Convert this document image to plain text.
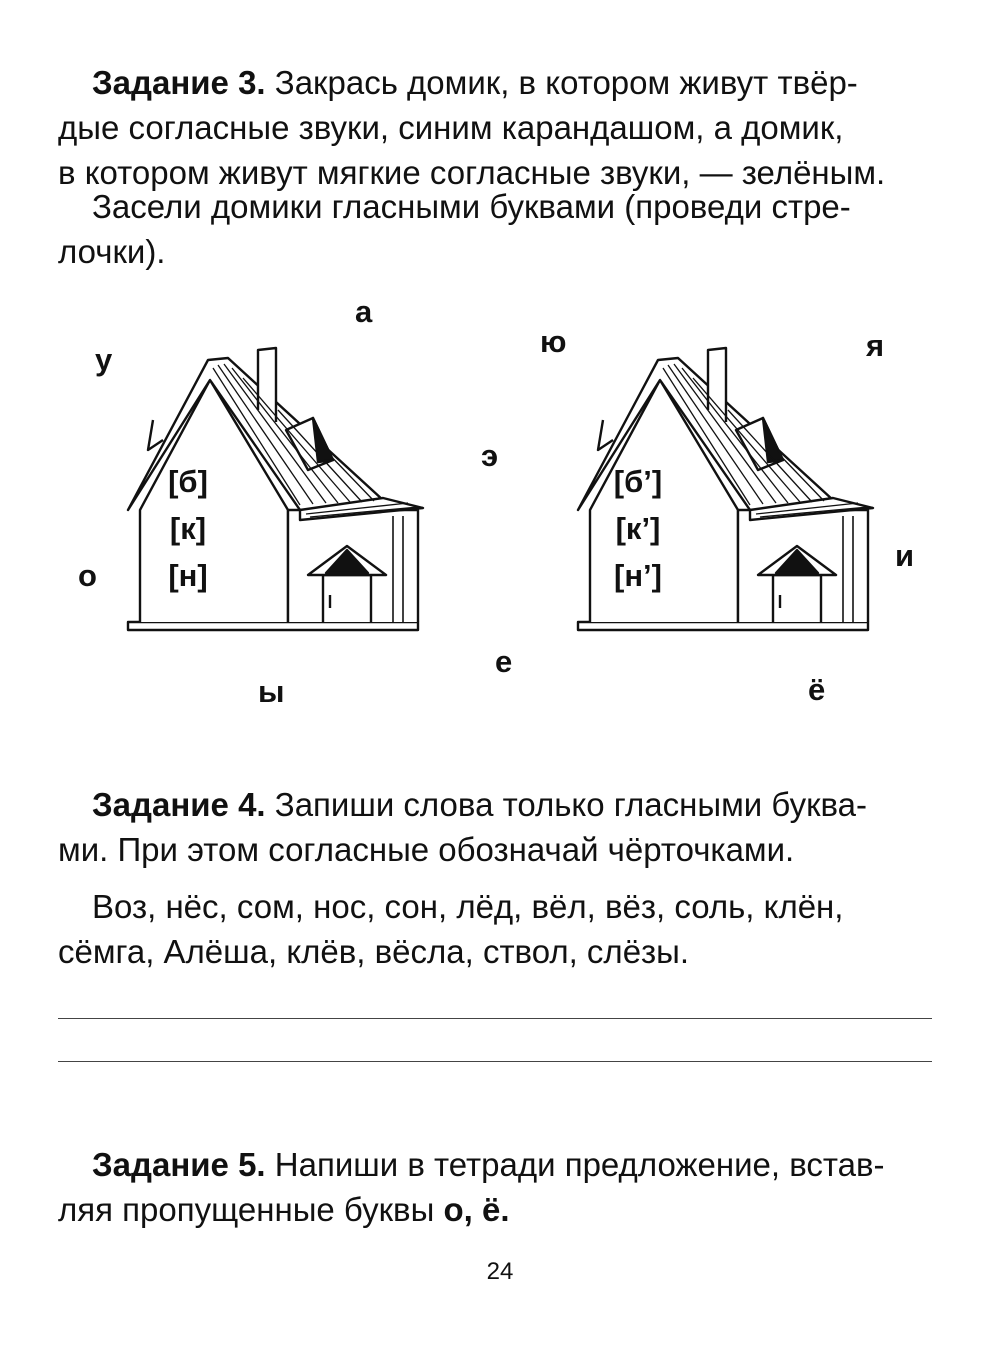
Задание 3. Закрась домик, в котором живут твёр-
дые согласные звуки, синим карандашом, а домик,
в котором живут мягкие согласные звуки, — зелёным.
Засели домики гласными буквами (проведи стре-
лочки).
а
у
ю	я
э
о
и
е
ы	ё
[б]
[к]
[н]
[б’]
[к’]
[н’]
Задание 4. Запиши слова только гласными буква-
ми. При этом согласные обозначай чёрточками.
Воз, нёс, сом, нос, сон, лёд, вёл, вёз, соль, клён,
сёмга, Алёша, клёв, вёсла, ствол, слёзы.
Задание 5. Напиши в тетради предложение, встав-
ляя пропущенные буквы о, ё.
24
